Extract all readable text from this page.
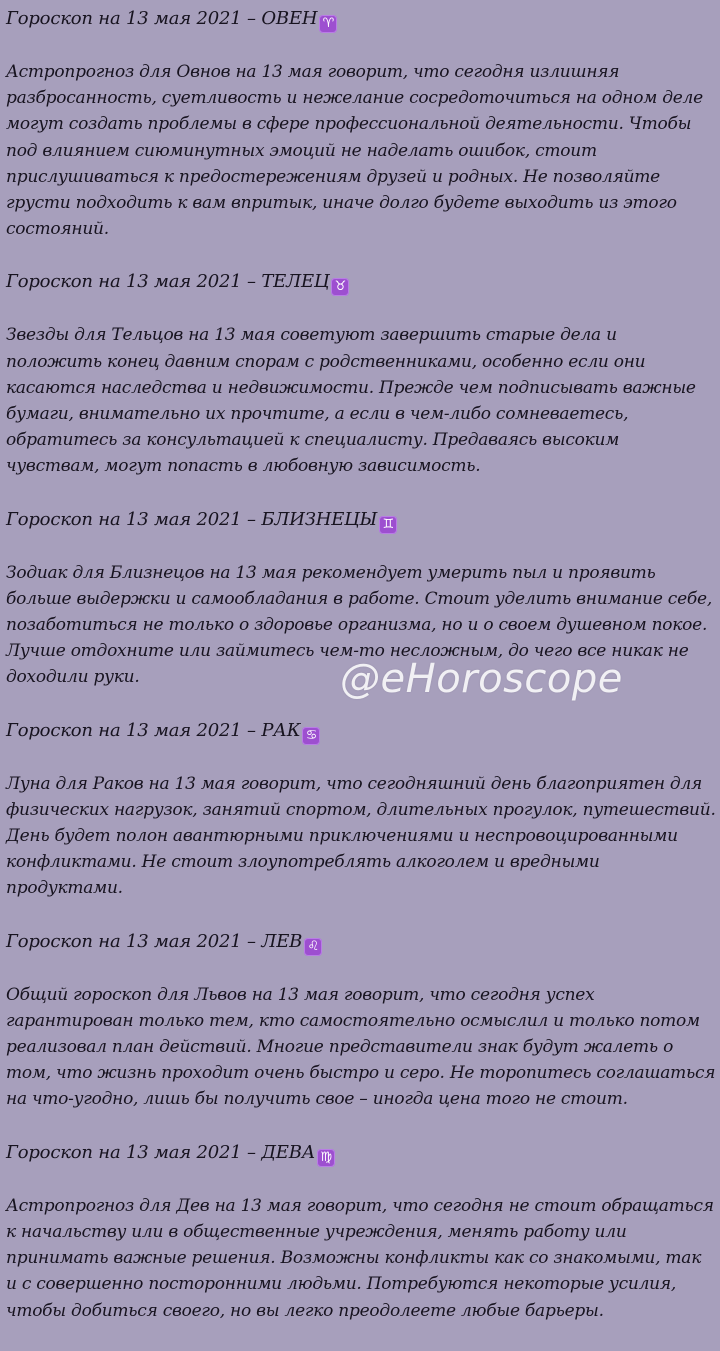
Гороскоп на 13 мая 2021 – ОВЕН ♈

Астропрогноз для Овнов на 13 мая говорит, что сегодня излишняя разбросанность, суетливость и нежелание сосредоточиться на одном деле могут создать проблемы в сфере профессиональной деятельности. Чтобы под влиянием сиюминутных эмоций не наделать ошибок, стоит прислушиваться к предостережениям друзей и родных. Не позволяйте грусти подходить к вам впритык, иначе долго будете выходить из этого состояний.

Гороскоп на 13 мая 2021 – ТЕЛЕЦ ♉

Звезды для Тельцов на 13 мая советуют завершить старые дела и положить конец давним спорам с родственниками, особенно если они касаются наследства и недвижимости. Прежде чем подписывать важные бумаги, внимательно их прочтите, а если в чем-либо сомневаетесь, обратитесь за консультацией к специалисту. Предаваясь высоким чувствам, могут попасть в любовную зависимость.

Гороскоп на 13 мая 2021 – БЛИЗНЕЦЫ ♊

Зодиак для Близнецов на 13 мая рекомендует умерить пыл и проявить больше выдержки и самообладания в работе. Стоит уделить внимание себе, позаботиться не только о здоровье организма, но и о своем душевном покое. Лучше отдохните или займитесь чем-то несложным, до чего все никак не доходили руки.

Гороскоп на 13 мая 2021 – РАК ♋

Луна для Раков на 13 мая говорит, что сегодняшний день благоприятен для физических нагрузок, занятий спортом, длительных прогулок, путешествий. День будет полон авантюрными приключениями и неспровоцированными конфликтами. Не стоит злоупотреблять алкоголем и вредными продуктами.

Гороскоп на 13 мая 2021 – ЛЕВ ♌

Общий гороскоп для Львов на 13 мая говорит, что сегодня успех гарантирован только тем, кто самостоятельно осмыслил и только потом реализовал план действий. Многие представители знак будут жалеть о том, что жизнь проходит очень быстро и серо. Не торопитесь соглашаться на что-угодно, лишь бы получить свое – иногда цена того не стоит.

Гороскоп на 13 мая 2021 – ДЕВА ♍

Астропрогноз для Дев на 13 мая говорит, что сегодня не стоит обращаться к начальству или в общественные учреждения, менять работу или принимать важные решения. Возможны конфликты как со знакомыми, так и с совершенно посторонними людьми. Потребуются некоторые усилия, чтобы добиться своего, но вы легко преодолеете любые барьеры.

@eHoroscope
